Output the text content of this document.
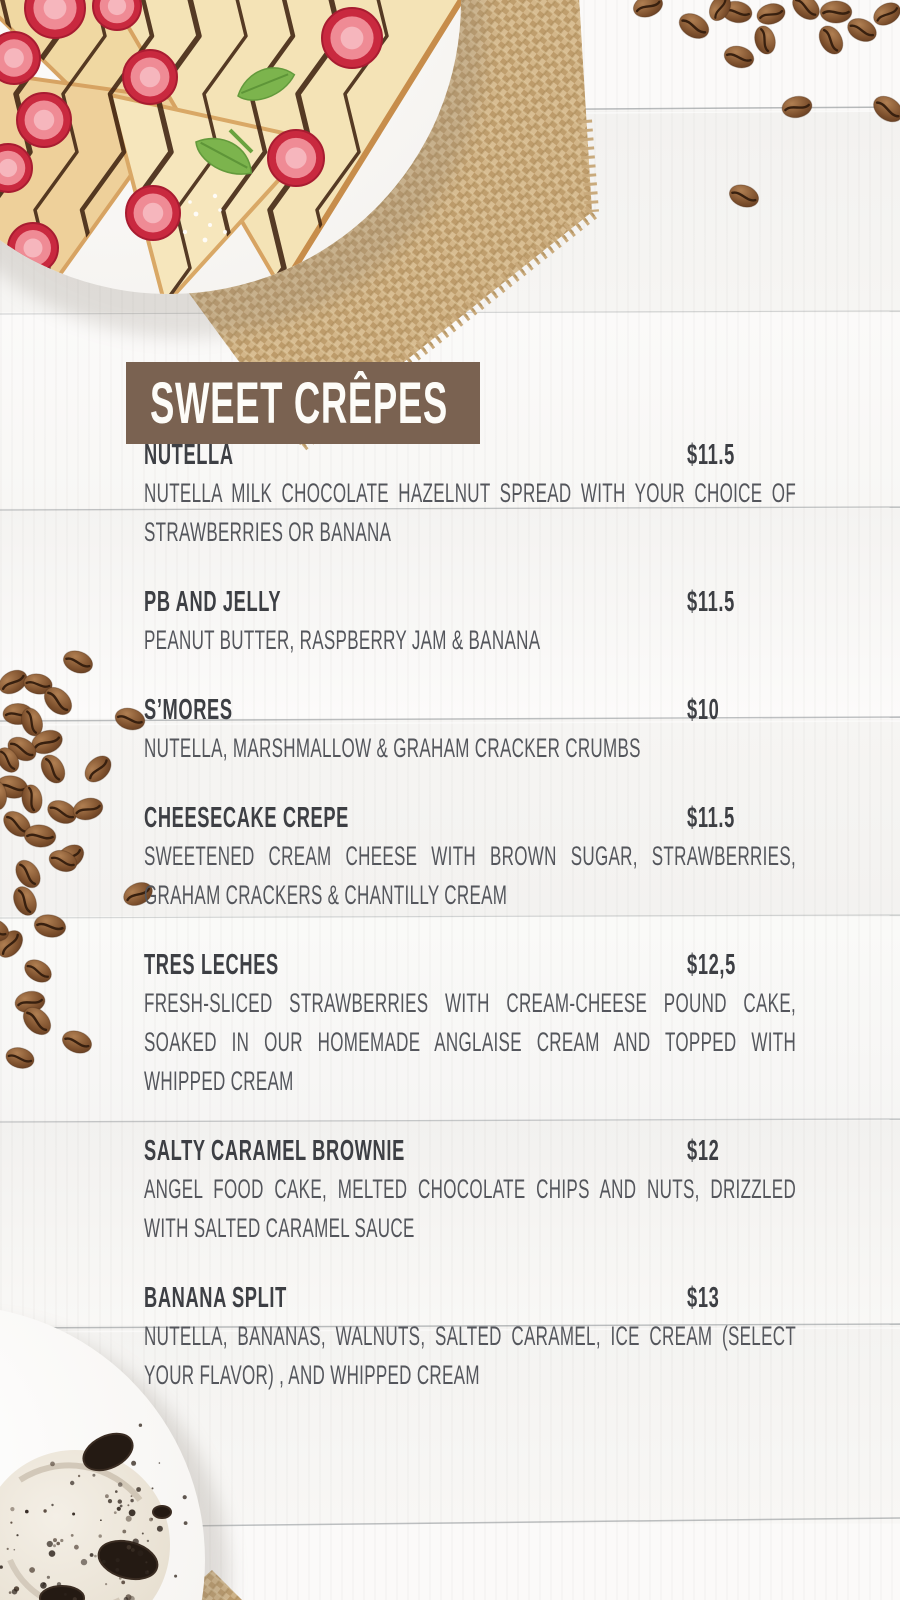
SWEET CRÊPES
NUTELLA	$11.5

NUTELLA MILK CHOCOLATE HAZELNUT SPREAD WITH YOUR CHOICE OF STRAWBERRIES OR BANANA

PB AND JELLY	$11.5

PEANUT BUTTER, RASPBERRY JAM & BANANA

S’MORES	$10

NUTELLA, MARSHMALLOW & GRAHAM CRACKER CRUMBS

CHEESECAKE CREPE	$11.5

SWEETENED CREAM CHEESE WITH BROWN SUGAR, STRAWBERRIES, GRAHAM CRACKERS & CHANTILLY CREAM

TRES LECHES	$12,5

FRESH-SLICED STRAWBERRIES WITH CREAM-CHEESE POUND CAKE, SOAKED IN OUR HOMEMADE ANGLAISE CREAM AND TOPPED WITH WHIPPED CREAM

SALTY CARAMEL BROWNIE	$12

ANGEL FOOD CAKE, MELTED CHOCOLATE CHIPS AND NUTS, DRIZZLED WITH SALTED CARAMEL SAUCE

BANANA SPLIT	$13

NUTELLA, BANANAS, WALNUTS, SALTED CARAMEL, ICE CREAM (SELECT YOUR FLAVOR) , AND WHIPPED CREAM
